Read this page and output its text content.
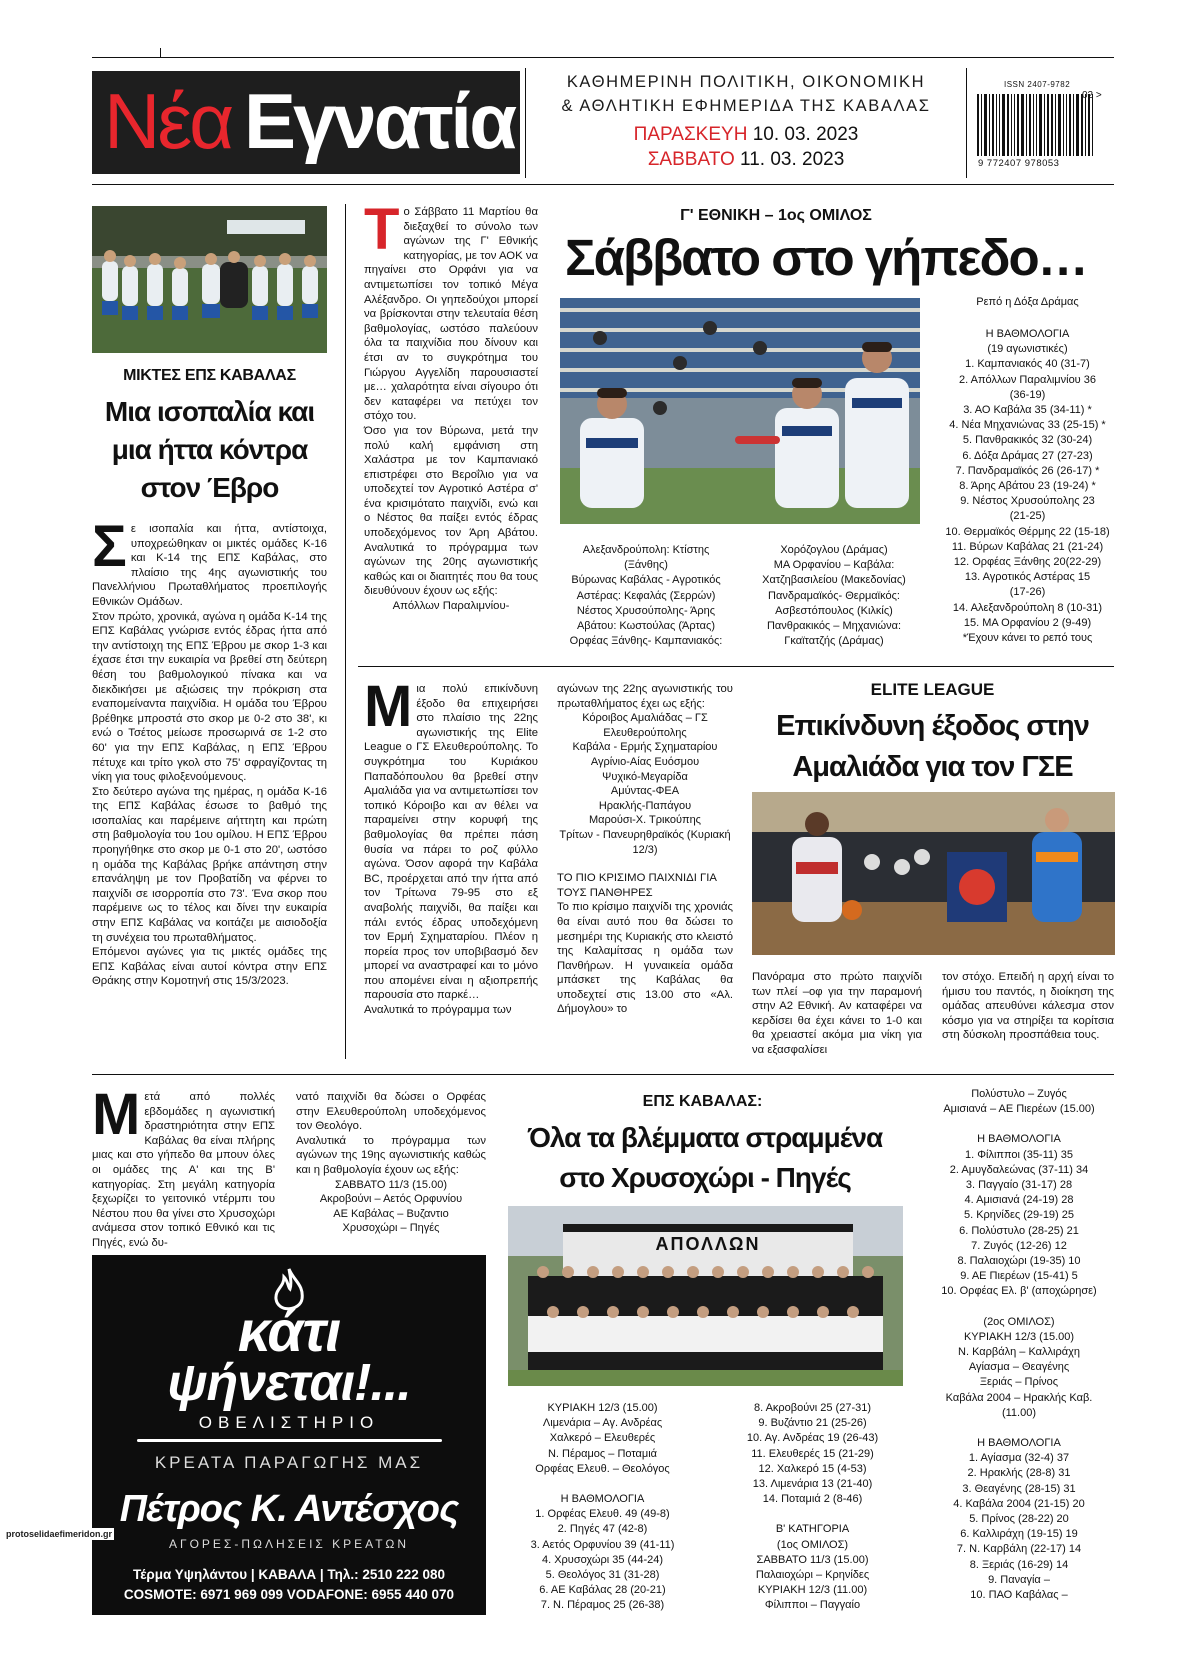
Νέα Εγνατία	ΚΑΘΗΜΕΡΙΝΗ ΠΟΛΙΤΙΚΗ, ΟΙΚΟΝΟΜΙΚΗ
& ΑΘΛΗΤΙΚΗ ΕΦΗΜΕΡΙΔΑ ΤΗΣ ΚΑΒΑΛΑΣ
ΠΑΡΑΣΚΕΥΗ 10. 03. 2023
ΣΑΒΒΑΤΟ 11. 03. 2023
ISSN 2407-9782
02 >
9 772407 978053
ΜΙΚΤΕΣ ΕΠΣ ΚΑΒΑΛΑΣ
Μια ισοπαλία και
μια ήττα κόντρα
στον Έβρο

Σε ισοπαλία και ήττα, αντίστοιχα, υποχρεώθηκαν οι μικτές ομάδες Κ-16 και Κ-14 της ΕΠΣ Καβάλας, στο πλαίσιο της 4ης αγωνιστικής του Πανελλήνιου Πρωταθλήματος προεπιλογής Εθνικών Ομάδων.

Στον πρώτο, χρονικά, αγώνα η ομάδα Κ-14 της ΕΠΣ Καβάλας γνώρισε εντός έδρας ήττα από την αντίστοιχη της ΕΠΣ Έβρου με σκορ 1-3 και έχασε έτσι την ευκαιρία να βρεθεί στη δεύτερη θέση του βαθμολογικού πίνακα και να διεκδικήσει με αξιώσεις την πρόκριση στα εναπομείναντα παιχνίδια. Η ομάδα του Έβρου βρέθηκε μπροστά στο σκορ με 0-2 στο 38', κι ενώ ο Τσέτος μείωσε προσωρινά σε 1-2 στο 60' για την ΕΠΣ Καβάλας, η ΕΠΣ Έβρου πέτυχε και τρίτο γκολ στο 75' σφραγίζοντας τη νίκη για τους φιλοξενούμενους.

Στο δεύτερο αγώνα της ημέρας, η ομάδα Κ-16 της ΕΠΣ Καβάλας έσωσε το βαθμό της ισοπαλίας και παρέμεινε αήττητη και πρώτη στη βαθμολογία του 1ου ομίλου. Η ΕΠΣ Έβρου προηγήθηκε στο σκορ με 0-1 στο 20', ωστόσο η ομάδα της Καβάλας βρήκε απάντηση στην επανάληψη με τον Προβατίδη να φέρνει το παιχνίδι σε ισορροπία στο 73'. Ένα σκορ που παρέμεινε ως το τέλος και δίνει την ευκαιρία στην ΕΠΣ Καβάλας να κοιτάζει με αισιοδοξία τη συνέχεια του πρωταθλήματος.

Επόμενοι αγώνες για τις μικτές ομάδες της ΕΠΣ Καβάλας είναι αυτοί κόντρα στην ΕΠΣ Θράκης στην Κομοτηνή στις 15/3/2023.

Το Σάββατο 11 Μαρτίου θα διεξαχθεί το σύνολο των αγώνων της Γ' Εθνικής κατηγορίας, με τον ΑΟΚ να πηγαίνει στο Ορφάνι για να αντιμετωπίσει τον τοπικό Μέγα Αλέξανδρο. Οι γηπεδούχοι μπορεί να βρίσκονται στην τελευταία θέση βαθμολογίας, ωστόσο παλεύουν όλα τα παιχνίδια που δίνουν και έτσι αν το συγκρότημα του Γιώργου Αγγελίδη παρουσιαστεί με… χαλαρότητα είναι σίγουρο ότι δεν καταφέρει να πετύχει τον στόχο του.

Όσο για τον Βύρωνα, μετά την πολύ καλή εμφάνιση στη Χαλάστρα με τον Καμπανιακό επιστρέφει στο Βεροΐλιο για να υποδεχτεί τον Αγροτικό Αστέρα σ' ένα κρισιμότατο παιχνίδι, ενώ και ο Νέστος θα παίξει εντός έδρας υποδεχόμενος τον Άρη Αβάτου. Αναλυτικά το πρόγραμμα των αγώνων της 20ης αγωνιστικής καθώς και οι διαιτητές που θα τους διευθύνουν έχουν ως εξής:

Απόλλων Παραλιμνίου-

Γ' ΕΘΝΙΚΗ – 1ος ΟΜΙΛΟΣ
Σάββατο στο γήπεδο…
Ρεπό η Δόξα Δράμας
Η ΒΑΘΜΟΛΟΓΙΑ
(19 αγωνιστικές)
1. Καμπανιακός 40 (31-7)
2. Απόλλων Παραλιμνίου 36
(36-19)
3. ΑΟ Καβάλα 35 (34-11) *
4. Νέα Μηχανιώνας 33 (25-15) *
5. Πανθρακικός 32 (30-24)
6. Δόξα Δράμας 27 (27-23)
7. Πανδραμαϊκός 26 (26-17) *
8. Άρης Αβάτου 23 (19-24) *
9. Νέστος Χρυσούπολης 23
(21-25)
10. Θερμαϊκός Θέρμης 22 (15-18)
11. Βύρων Καβάλας 21 (21-24)
12. Ορφέας Ξάνθης 20(22-29)
13. Αγροτικός Αστέρας 15
(17-26)
14. Αλεξανδρούπολη 8 (10-31)
15. ΜΑ Ορφανίου 2 (9-49)
*Έχουν κάνει το ρεπό τους
Αλεξανδρούπολη: Κτίστης
(Ξάνθης)
Βύρωνας Καβάλας - Αγροτικός
Αστέρας: Κεφαλάς (Σερρών)
Νέστος Χρυσούπολης- Άρης
Αβάτου: Κωστούλας (Άρτας)
Ορφέας Ξάνθης- Καμπανιακός:
Χορόζογλου (Δράμας)
ΜΑ Ορφανίου – Καβάλα: Χατζηβασιλείου (Μακεδονίας)
Πανδραμαϊκός- Θερμαϊκός:
Ασβεστόπουλος (Κιλκίς)
Πανθρακικός – Μηχανιώνα:
Γκαϊτατζής (Δράμας)

Μια πολύ επικίνδυνη έξοδο θα επιχειρήσει στο πλαίσιο της 22ης αγωνιστικής της Elite League ο ΓΣ Ελευθερούπολης. Το συγκρότημα του Κυριάκου Παπαδόπουλου θα βρεθεί στην Αμαλιάδα για να αντιμετωπίσει τον τοπικό Κόροιβο και αν θέλει να παραμείνει στην κορυφή της βαθμολογίας θα πρέπει πάση θυσία να πάρει το ροζ φύλλο αγώνα. Όσον αφορά την Καβάλα BC, προέρχεται από την ήττα από τον Τρίτωνα 79-95 στο εξ αναβολής παιχνίδι, θα παίξει και πάλι εντός έδρας υποδεχόμενη τον Ερμή Σχηματαρίου. Πλέον η πορεία προς τον υποβιβασμό δεν μπορεί να αναστραφεί και το μόνο που απομένει είναι η αξιοπρεπής παρουσία στο παρκέ…

Αναλυτικά το πρόγραμμα των

αγώνων της 22ης αγωνιστικής του πρωταθλήματος έχει ως εξής:

Κόροιβος Αμαλιάδας – ΓΣ Ελευθερούπολης
Καβάλα - Ερμής Σχηματαρίου
Αγρίνιο-Αίας Ευόσμου
Ψυχικό-Μεγαρίδα
Αμύντας-ΦΕΑ
Ηρακλής-Παπάγου
Μαρούσι-Χ. Τρικούπης
Τρίτων - Πανευρηθραϊκός (Κυριακή 12/3)

ΤΟ ΠΙΟ ΚΡΙΣΙΜΟ ΠΑΙΧΝΙΔΙ ΓΙΑ ΤΟΥΣ ΠΑΝΘΗΡΕΣ

Το πιο κρίσιμο παιχνίδι της χρονιάς θα είναι αυτό που θα δώσει το μεσημέρι της Κυριακής στο κλειστό της Καλαμίτσας η ομάδα των Πανθήρων. Η γυναικεία ομάδα μπάσκετ της Καβάλας θα υποδεχτεί στις 13.00 στο «Αλ. Δήμογλου» το

ELITE LEAGUE
Επικίνδυνη έξοδος στην
Αμαλιάδα για τον ΓΣΕ

Πανόραμα στο πρώτο παιχνίδι των πλεί –οφ για την παραμονή στην Α2 Εθνική. Αν καταφέρει να κερδίσει θα έχει κάνει το 1-0 και θα χρειαστεί ακόμα μια νίκη για να εξασφαλίσει

τον στόχο. Επειδή η αρχή είναι το ήμισυ του παντός, η διοίκηση της ομάδας απευθύνει κάλεσμα στον κόσμο για να στηρίξει τα κορίτσια στη δύσκολη προσπάθεια τους.

Μετά από πολλές εβδομάδες η αγωνιστική δραστηριότητα στην ΕΠΣ Καβάλας θα είναι πλήρης μιας και στο γήπεδο θα μπουν όλες οι ομάδες της Α' και της Β' κατηγορίας. Στη μεγάλη κατηγορία ξεχωρίζει το γειτονικό ντέρμπι του Νέστου που θα γίνει στο Χρυσοχώρι ανάμεσα στον τοπικό Εθνικό και τις Πηγές, ενώ δυ-

νατό παιχνίδι θα δώσει ο Ορφέας στην Ελευθερούπολη υποδεχόμενος τον Θεολόγο.

Αναλυτικά το πρόγραμμα των αγώνων της 19ης αγωνιστικής καθώς και η βαθμολογία έχουν ως εξής:

ΣΑΒΒΑΤΟ 11/3 (15.00)
Ακροβούνι – Αετός Ορφυνίου
ΑΕ Καβάλας – Βυζαντιο
Χρυσοχώρι – Πηγές
ΕΠΣ ΚΑΒΑΛΑΣ:
Όλα τα βλέμματα στραμμένα
στο Χρυσοχώρι - Πηγές
ΑΠΟΛΛΩΝ
ΚΥΡΙΑΚΗ 12/3 (15.00)
Λιμενάρια – Αγ. Ανδρέας
Χαλκερό – Ελευθερές
Ν. Πέραμος – Ποταμιά
Ορφέας Ελευθ. – Θεολόγος
Η ΒΑΘΜΟΛΟΓΙΑ
1. Ορφέας Ελευθ. 49 (49-8)
2. Πηγές 47 (42-8)
3. Αετός Ορφυνίου 39 (41-11)
4. Χρυσοχώρι 35 (44-24)
5. Θεολόγος 31 (31-28)
6. ΑΕ Καβάλας 28 (20-21)
7. Ν. Πέραμος 25 (26-38)
8. Ακροβούνι 25 (27-31)
9. Βυζάντιο 21 (25-26)
10. Αγ. Ανδρέας 19 (26-43)
11. Ελευθερές 15 (21-29)
12. Χαλκερό 15 (4-53)
13. Λιμενάρια 13 (21-40)
14. Ποταμιά 2 (8-46)
Β' ΚΑΤΗΓΟΡΙΑ
(1ος ΟΜΙΛΟΣ)
ΣΑΒΒΑΤΟ 11/3 (15.00)
Παλαιοχώρι – Κρηνίδες
ΚΥΡΙΑΚΗ 12/3 (11.00)
Φίλιπποι – Παγγαίο
Πολύστυλο – Ζυγός
Αμισιανά – ΑΕ Πιερέων (15.00)
Η ΒΑΘΜΟΛΟΓΙΑ
1. Φίλιπποι (35-11) 35
2. Αμυγδαλεώνας (37-11) 34
3. Παγγαίο (31-17) 28
4. Αμισιανά (24-19) 28
5. Κρηνίδες (29-19) 25
6. Πολύστυλο (28-25) 21
7. Ζυγός (12-26) 12
8. Παλαιοχώρι (19-35) 10
9. ΑΕ Πιερέων (15-41) 5
10. Ορφέας Ελ. β' (αποχώρησε)
(2ος ΟΜΙΛΟΣ)
ΚΥΡΙΑΚΗ 12/3 (15.00)
Ν. Καρβάλη – Καλλιράχη
Αγίασμα – Θεαγένης
Ξεριάς – Πρίνος
Καβάλα 2004 – Ηρακλής Καβ.
(11.00)
Η ΒΑΘΜΟΛΟΓΙΑ
1. Αγίασμα (32-4) 37
2. Ηρακλής (28-8) 31
3. Θεαγένης (28-15) 31
4. Καβάλα 2004 (21-15) 20
5. Πρίνος (28-22) 20
6. Καλλιράχη (19-15) 19
7. Ν. Καρβάλη (22-17) 14
8. Ξεριάς (16-29) 14
9. Παναγία –
10. ΠΑΟ Καβάλας –
κάτι
ψήνεται!...
ΟΒΕΛΙΣΤΗΡΙΟ
ΚΡΕΑΤΑ ΠΑΡΑΓΩΓΗΣ ΜΑΣ
Πέτρος Κ. Αντέσχος
ΑΓΟΡΕΣ-ΠΩΛΗΣΕΙΣ ΚΡΕΑΤΩΝ
Τέρμα Υψηλάντου | ΚΑΒΑΛΑ | Τηλ.: 2510 222 080
COSMOTE: 6971 969 099 VODAFONE: 6955 440 070
protoselidaefimeridon.gr
